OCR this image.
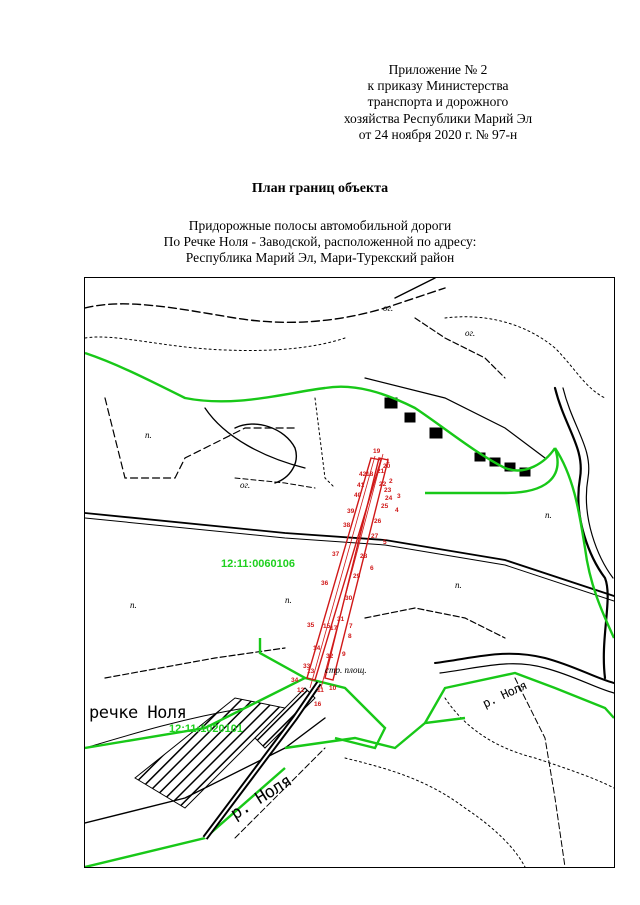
Приложение № 2
к приказу Министерства
транспорта и дорожного
хозяйства Республики Марий Эл
от 24 ноября 2020 г. № 97-н
План границ объекта
Придорожные полосы автомобильной дороги
По Речке Ноля - Заводской, расположенной по адресу:
Республика Марий Эл, Мари-Турекский район
ог.
ог.
ог.
п.
п.	п.
п.
п.
стр. площ.
12:11:0060106
12:11:1020101
речке Ноля
р. Ноля
р. Ноля
1
2
3
4
5
6
7
8
9
10
11
12
13
14
15
16
17
18
19
20
21
22
23
24
25
26
27
28
29
30
31
32
33
34
35
36
37
38
39
40
41
42
